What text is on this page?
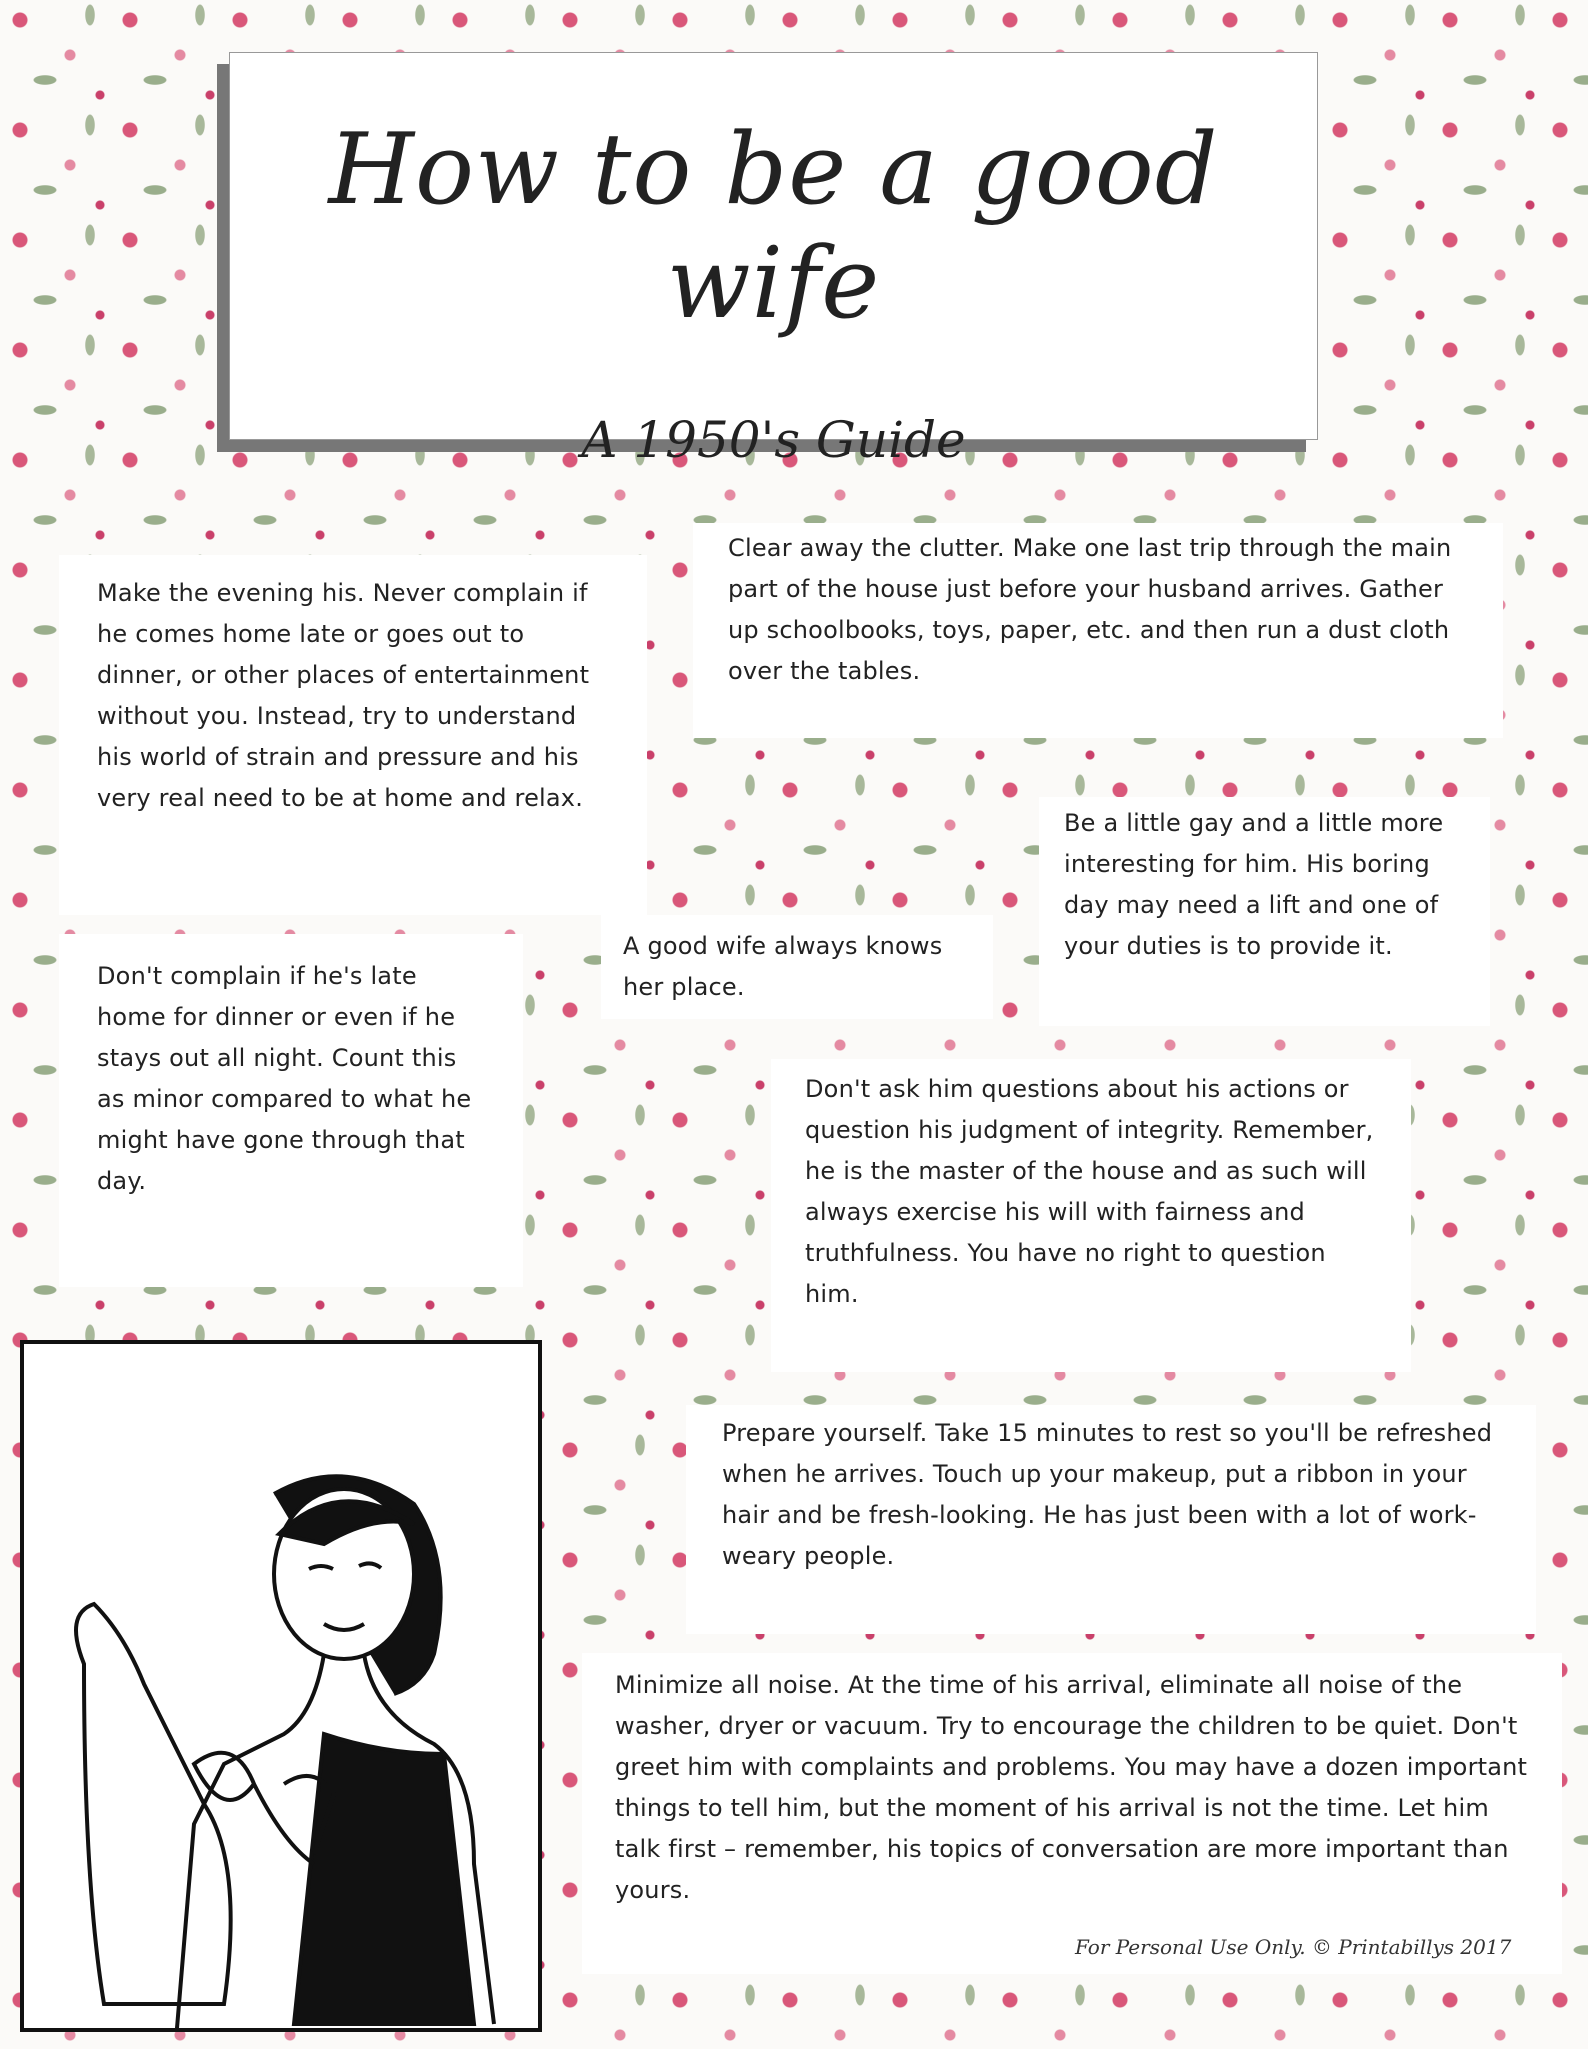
How to be a good wife
A 1950's Guide
Make the evening his. Never complain if he comes home late or goes out to dinner, or other places of entertainment without you. Instead, try to understand his world of strain and pressure and his very real need to be at home and relax.
Clear away the clutter. Make one last trip through the main part of the house just before your husband arrives. Gather up schoolbooks, toys, paper, etc. and then run a dust cloth over the tables.
Be a little gay and a little more interesting for him. His boring day may need a lift and one of your duties is to provide it.
A good wife always knows her place.
Don't complain if he's late home for dinner or even if he stays out all night. Count this as minor compared to what he might have gone through that day.
Don't ask him questions about his actions or question his judgment of integrity. Remember, he is the master of the house and as such will always exercise his will with fairness and truthfulness. You have no right to question him.
Prepare yourself. Take 15 minutes to rest so you'll be refreshed when he arrives. Touch up your makeup, put a ribbon in your hair and be fresh-looking. He has just been with a lot of work-weary people.
Minimize all noise. At the time of his arrival, eliminate all noise of the washer, dryer or vacuum. Try to encourage the children to be quiet. Don't greet him with complaints and problems. You may have a dozen important things to tell him, but the moment of his arrival is not the time. Let him talk first – remember, his topics of conversation are more important than yours.
For Personal Use Only. © Printabillys 2017
